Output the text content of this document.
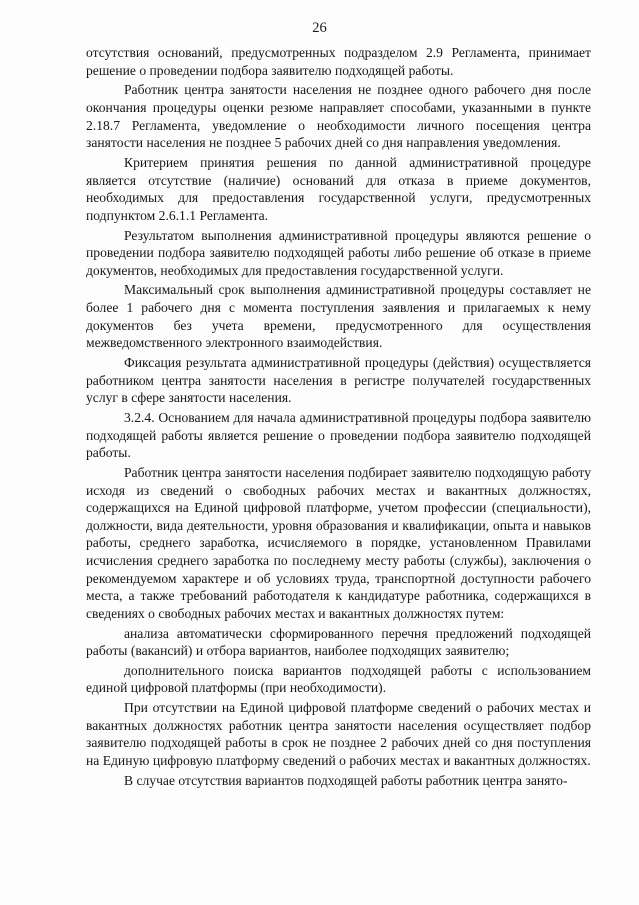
26

отсутствия оснований, предусмотренных подразделом 2.9 Регламента, принимает решение о проведении подбора заявителю подходящей работы.

Работник центра занятости населения не позднее одного рабочего дня после окончания процедуры оценки резюме направляет способами, указанными в пункте 2.18.7 Регламента, уведомление о необходимости личного посещения центра занятости населения не позднее 5 рабочих дней со дня направления уведомления.

Критерием принятия решения по данной административной процедуре является отсутствие (наличие) оснований для отказа в приеме документов, необходимых для предоставления государственной услуги, предусмотренных подпунктом 2.6.1.1 Регламента.

Результатом выполнения административной процедуры являются решение о проведении подбора заявителю подходящей работы либо решение об отказе в приеме документов, необходимых для предоставления государственной услуги.

Максимальный срок выполнения административной процедуры составляет не более 1 рабочего дня с момента поступления заявления и прилагаемых к нему документов без учета времени, предусмотренного для осуществления межведомственного электронного взаимодействия.

Фиксация результата административной процедуры (действия) осуществляется работником центра занятости населения в регистре получателей государственных услуг в сфере занятости населения.

3.2.4. Основанием для начала административной процедуры подбора заявителю подходящей работы является решение о проведении подбора заявителю подходящей работы.

Работник центра занятости населения подбирает заявителю подходящую работу исходя из сведений о свободных рабочих местах и вакантных должностях, содержащихся на Единой цифровой платформе, учетом профессии (специальности), должности, вида деятельности, уровня образования и квалификации, опыта и навыков работы, среднего заработка, исчисляемого в порядке, установленном Правилами исчисления среднего заработка по последнему месту работы (службы), заключения о рекомендуемом характере и об условиях труда, транспортной доступности рабочего места, а также требований работодателя к кандидатуре работника, содержащихся в сведениях о свободных рабочих местах и вакантных должностях путем:

анализа автоматически сформированного перечня предложений подходящей работы (вакансий) и отбора вариантов, наиболее подходящих заявителю;

дополнительного поиска вариантов подходящей работы с использованием единой цифровой платформы (при необходимости).

При отсутствии на Единой цифровой платформе сведений о рабочих местах и вакантных должностях работник центра занятости населения осуществляет подбор заявителю подходящей работы в срок не позднее 2 рабочих дней со дня поступления на Единую цифровую платформу сведений о рабочих местах и вакантных должностях.

В случае отсутствия вариантов подходящей работы работник центра занято-
